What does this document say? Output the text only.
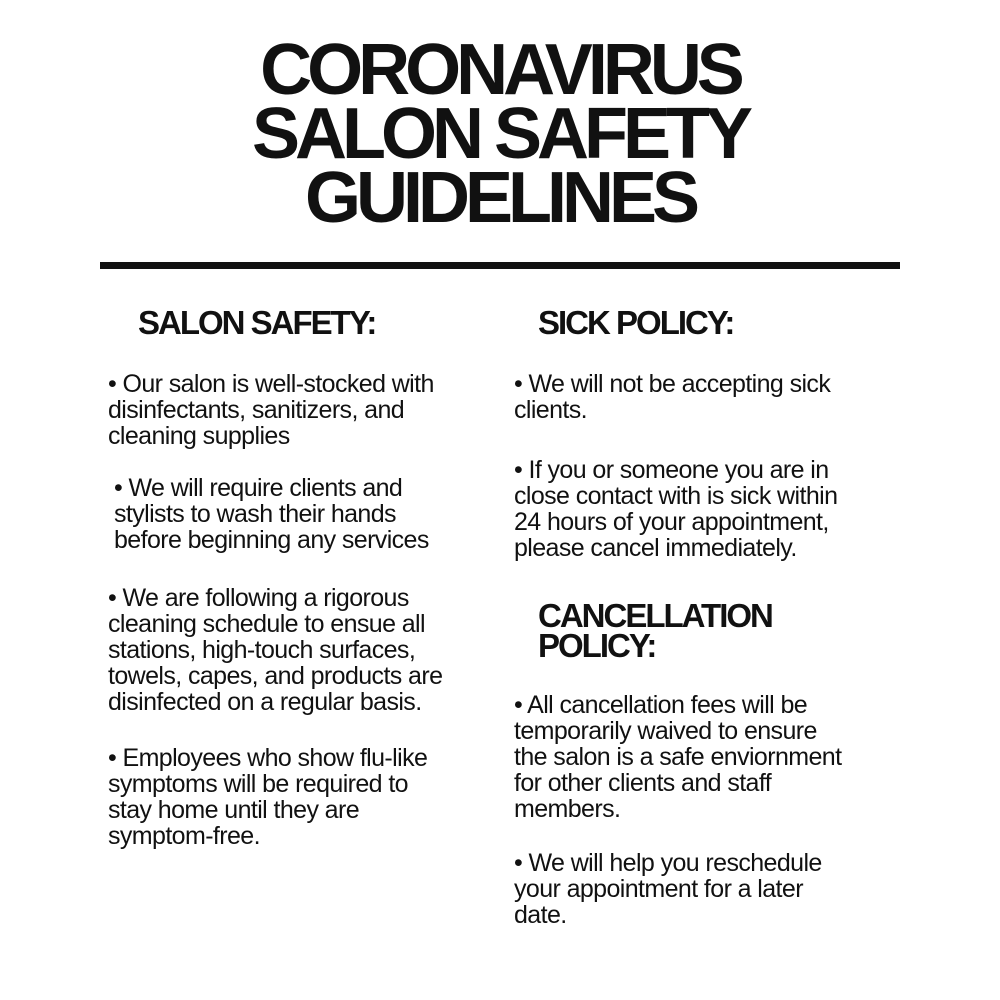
CORONAVIRUS
SALON SAFETY
GUIDELINES
SALON SAFETY:

• Our salon is well-stocked with
disinfectants, sanitizers, and
cleaning supplies

• We will require clients and
stylists to wash their hands
before beginning any services

• We are following a rigorous
cleaning schedule to ensue all
stations, high-touch surfaces,
towels, capes, and products are
disinfected on a regular basis.

• Employees who show flu-like
symptoms will be required to
stay home until they are
symptom-free.

SICK POLICY:

• We will not be accepting sick
clients.

• If you or someone you are in
close contact with is sick within
24 hours of your appointment,
please cancel immediately.

CANCELLATION
POLICY:

• All cancellation fees will be
temporarily waived to ensure
the salon is a safe enviornment
for other clients and staff
members.

• We will help you reschedule
your appointment for a later
date.
